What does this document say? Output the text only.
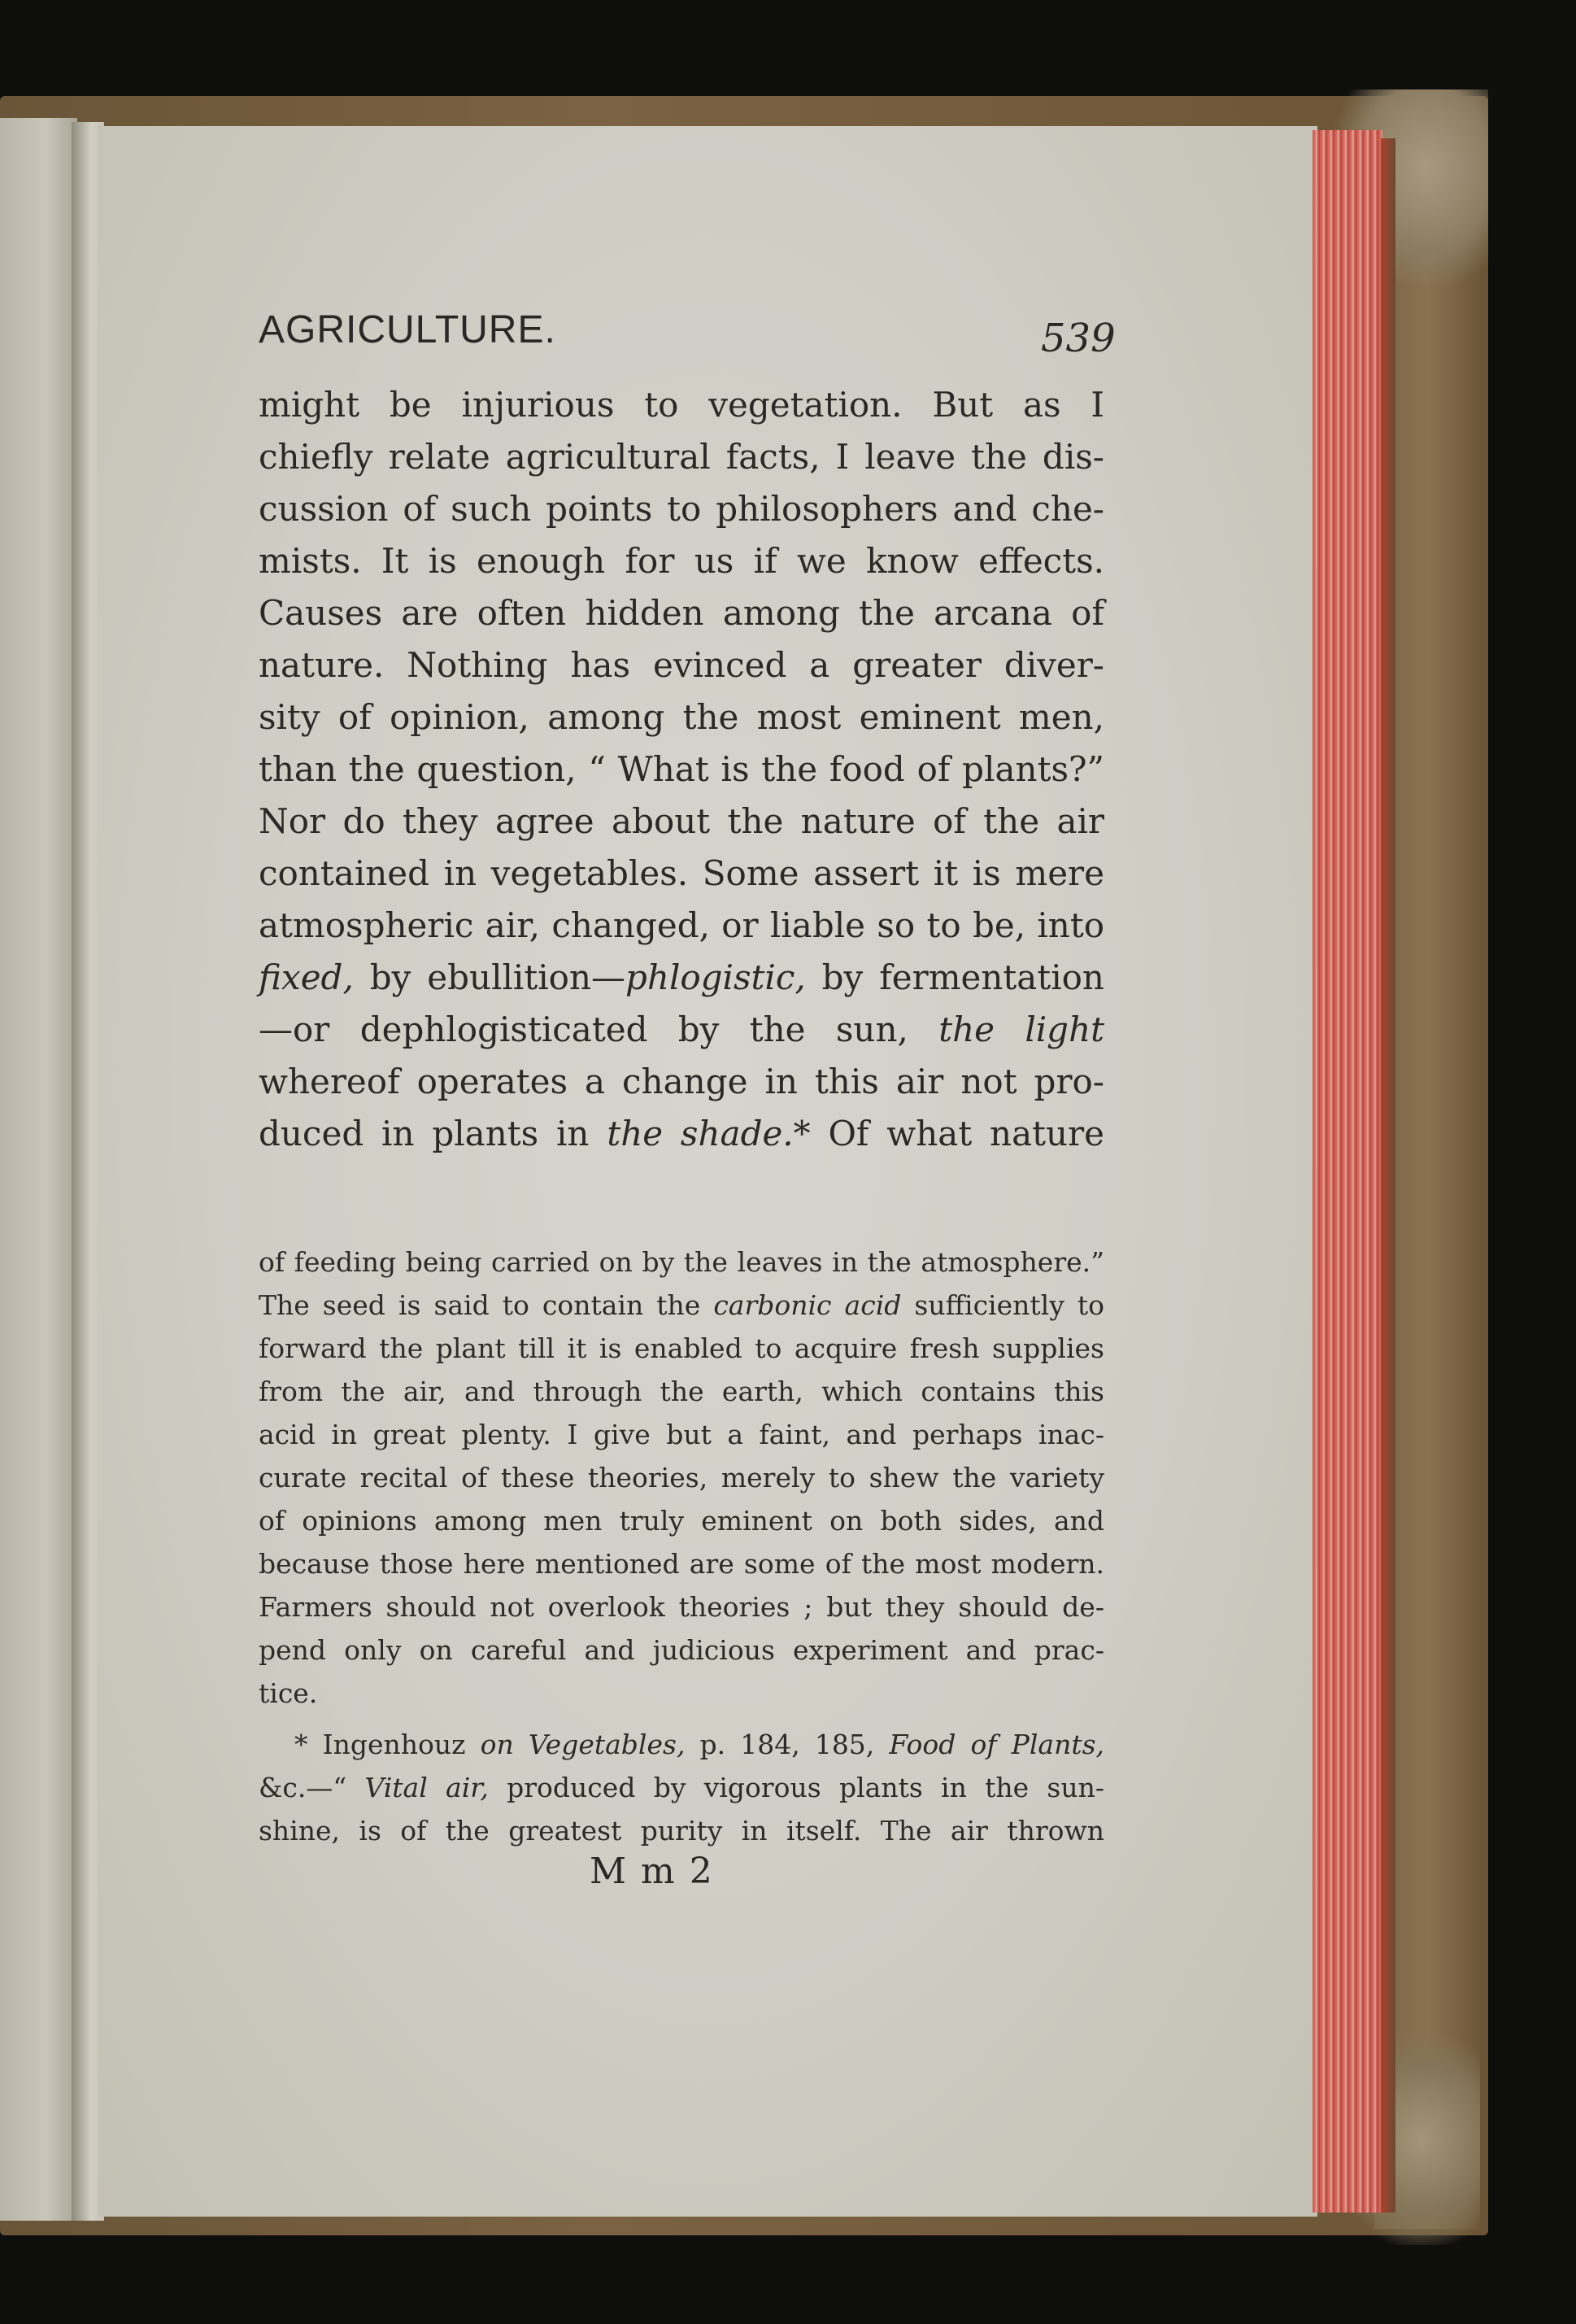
AGRICULTURE.	539
might be injurious to vegetation. But as I
chiefly relate agricultural facts, I leave the dis-
cussion of such points to philosophers and che-
mists. It is enough for us if we know effects.
Causes are often hidden among the arcana of
nature. Nothing has evinced a greater diver-
sity of opinion, among the most eminent men,
than the question, “ What is the food of plants?”
Nor do they agree about the nature of the air
contained in vegetables. Some assert it is mere
atmospheric air, changed, or liable so to be, into
fixed, by ebullition—phlogistic, by fermentation
—or dephlogisticated by the sun, the light
whereof operates a change in this air not pro-
duced in plants in the shade.* Of what nature
of feeding being carried on by the leaves in the atmosphere.”
The seed is said to contain the carbonic acid sufficiently to
forward the plant till it is enabled to acquire fresh supplies
from the air, and through the earth, which contains this
acid in great plenty. I give but a faint, and perhaps inac-
curate recital of these theories, merely to shew the variety
of opinions among men truly eminent on both sides, and
because those here mentioned are some of the most modern.
Farmers should not overlook theories ; but they should de-
pend only on careful and judicious experiment and prac-
tice.
* Ingenhouz on Vegetables, p. 184, 185, Food of Plants,
&c.—“ Vital air, produced by vigorous plants in the sun-
shine, is of the greatest purity in itself. The air thrown
M m 2
